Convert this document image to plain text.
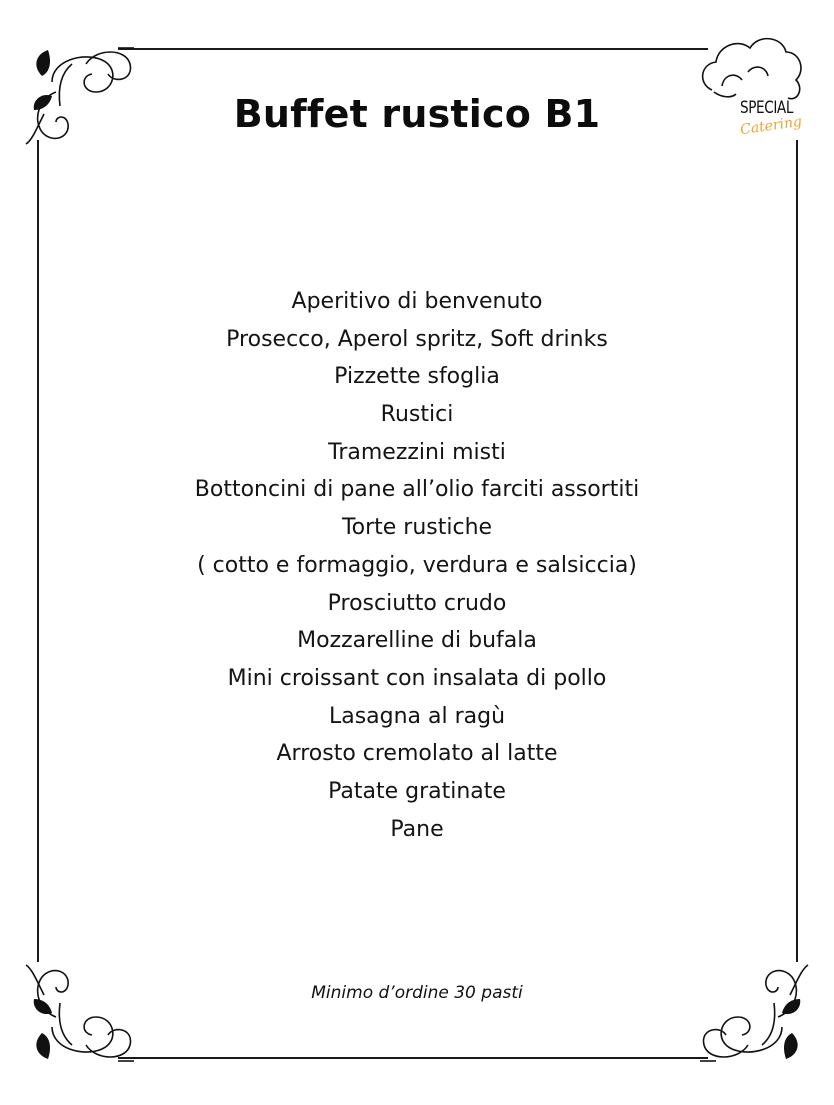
SPECIAL
Catering
Buffet rustico B1
Aperitivo di benvenuto
Prosecco, Aperol spritz, Soft drinks
Pizzette sfoglia
Rustici
Tramezzini misti
Bottoncini di pane all’olio farciti assortiti
Torte rustiche
( cotto e formaggio, verdura e salsiccia)
Prosciutto crudo
Mozzarelline di bufala
Mini croissant con insalata di pollo
Lasagna al ragù
Arrosto cremolato al latte
Patate gratinate
Pane
Minimo d’ordine 30 pasti
